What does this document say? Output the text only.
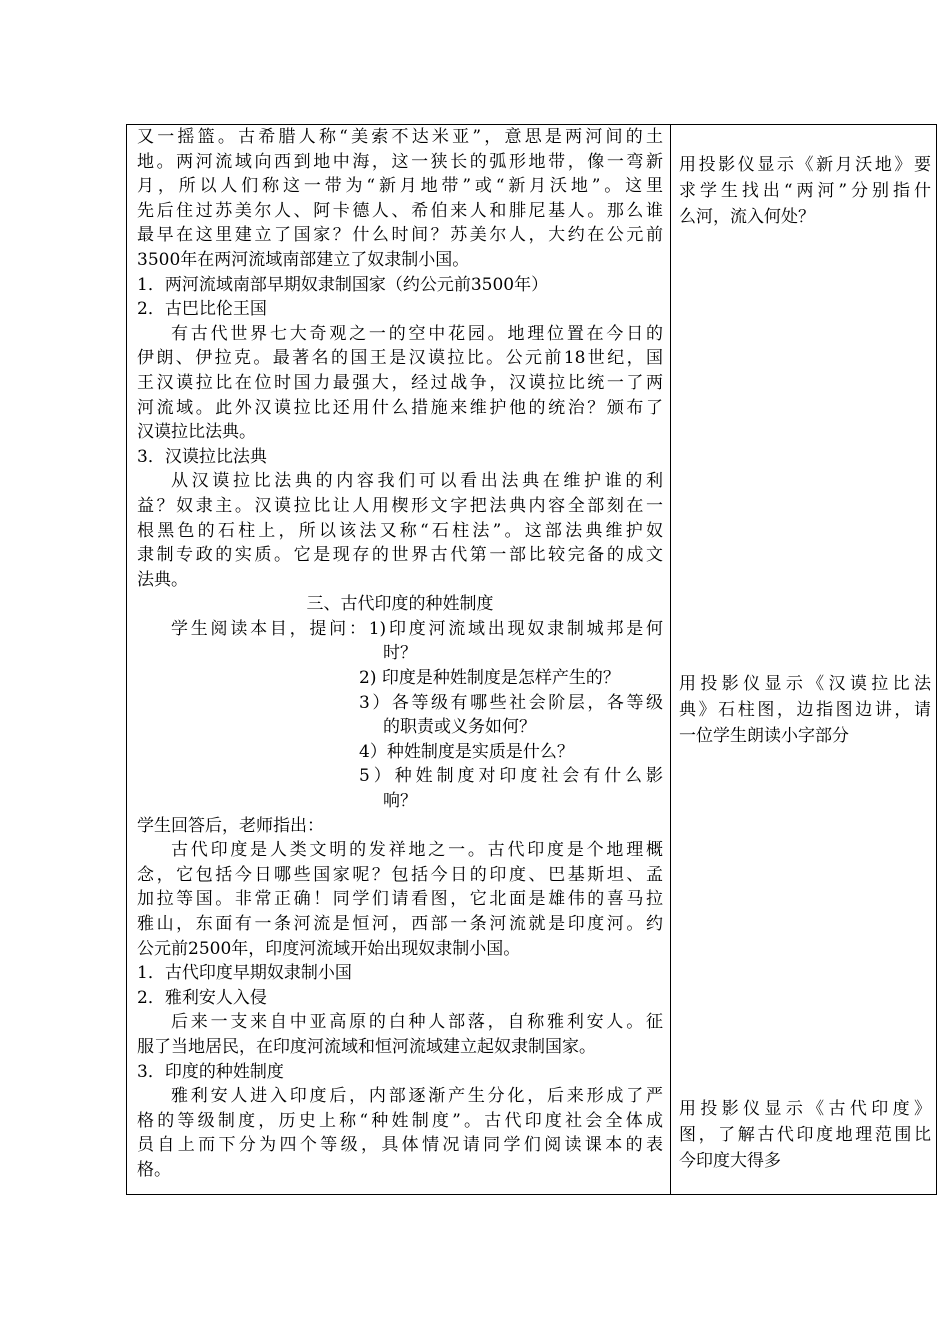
又一摇篮。古希腊人称“美索不达米亚”，意思是两河间的土
地。两河流域向西到地中海，这一狭长的弧形地带，像一弯新
月，所以人们称这一带为“新月地带”或“新月沃地”。这里
先后住过苏美尔人、阿卡德人、希伯来人和腓尼基人。那么谁
最早在这里建立了国家？什么时间？苏美尔人，大约在公元前
3500年在两河流域南部建立了奴隶制小国。
1．两河流域南部早期奴隶制国家（约公元前3500年）
2．古巴比伦王国
有古代世界七大奇观之一的空中花园。地理位置在今日的
伊朗、伊拉克。最著名的国王是汉谟拉比。公元前18世纪，国
王汉谟拉比在位时国力最强大，经过战争，汉谟拉比统一了两
河流域。此外汉谟拉比还用什么措施来维护他的统治？颁布了
汉谟拉比法典。
3．汉谟拉比法典
从汉谟拉比法典的内容我们可以看出法典在维护谁的利
益？奴隶主。汉谟拉比让人用楔形文字把法典内容全部刻在一
根黑色的石柱上，所以该法又称“石柱法”。这部法典维护奴
隶制专政的实质。它是现存的世界古代第一部比较完备的成文
法典。
三、古代印度的种姓制度
学生阅读本目，提问：1)印度河流域出现奴隶制城邦是何
时？
2) 印度是种姓制度是怎样产生的？
3）各等级有哪些社会阶层，各等级
的职责或义务如何？
4）种姓制度是实质是什么？
5）种姓制度对印度社会有什么影
响？
学生回答后，老师指出：
古代印度是人类文明的发祥地之一。古代印度是个地理概
念，它包括今日哪些国家呢？包括今日的印度、巴基斯坦、孟
加拉等国。非常正确！同学们请看图，它北面是雄伟的喜马拉
雅山，东面有一条河流是恒河，西部一条河流就是印度河。约
公元前2500年，印度河流域开始出现奴隶制小国。
1．古代印度早期奴隶制小国
2．雅利安人入侵
后来一支来自中亚高原的白种人部落，自称雅利安人。征
服了当地居民，在印度河流域和恒河流域建立起奴隶制国家。
3．印度的种姓制度
雅利安人进入印度后，内部逐渐产生分化，后来形成了严
格的等级制度，历史上称“种姓制度”。古代印度社会全体成
员自上而下分为四个等级，具体情况请同学们阅读课本的表
格。
用投影仪显示《新月沃地》要
求学生找出“两河”分别指什
么河，流入何处？
用投影仪显示《汉谟拉比法
典》石柱图，边指图边讲，请
一位学生朗读小字部分
用投影仪显示《古代印度》
图，了解古代印度地理范围比
今印度大得多
